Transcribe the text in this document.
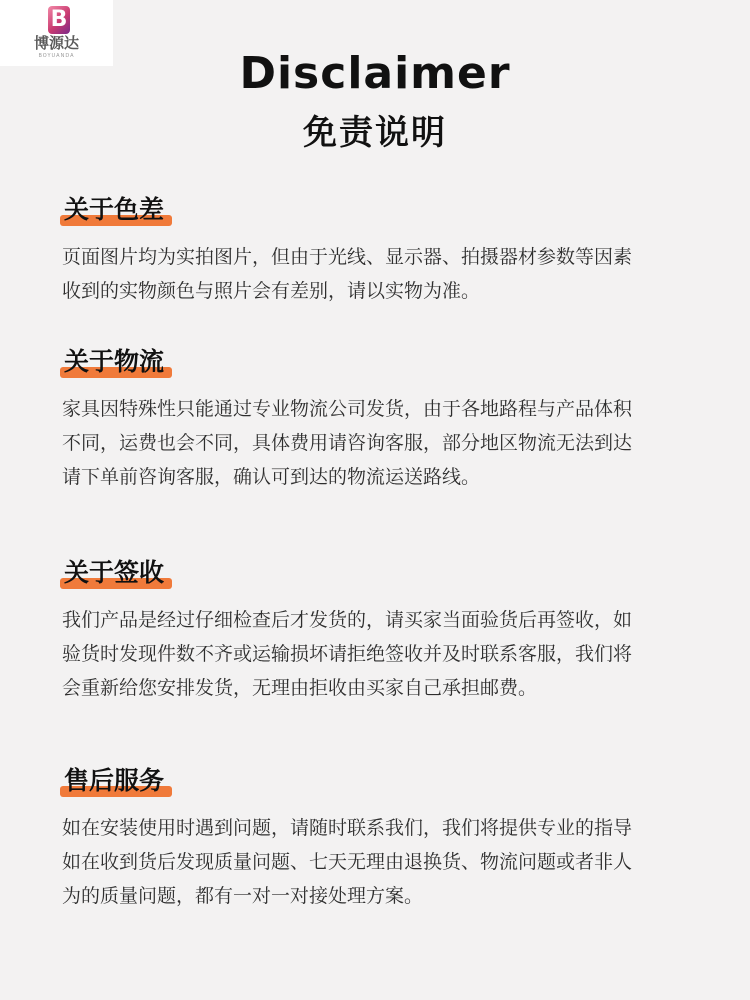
B
博源达
BOYUANDA	Disclaimer
免责说明
关于色差
页面图片均为实拍图片，但由于光线、显示器、拍摄器材参数等因素
收到的实物颜色与照片会有差别，请以实物为准。
关于物流
家具因特殊性只能通过专业物流公司发货，由于各地路程与产品体积
不同，运费也会不同，具体费用请咨询客服，部分地区物流无法到达
请下单前咨询客服，确认可到达的物流运送路线。
关于签收
我们产品是经过仔细检查后才发货的，请买家当面验货后再签收，如
验货时发现件数不齐或运输损坏请拒绝签收并及时联系客服，我们将
会重新给您安排发货，无理由拒收由买家自己承担邮费。
售后服务
如在安装使用时遇到问题，请随时联系我们，我们将提供专业的指导
如在收到货后发现质量问题、七天无理由退换货、物流问题或者非人
为的质量问题，都有一对一对接处理方案。
